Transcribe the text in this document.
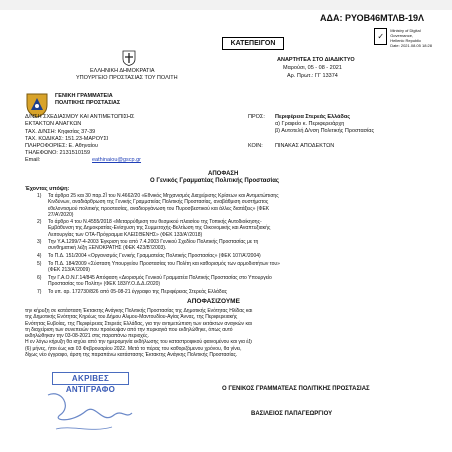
ΑΔΑ: ΡΥΟΒ46ΜΤΛΒ-19Λ
✓
Ministry of Digital
Governance,
Hellenic Republic
Date: 2021.08.05 18:28
ΚΑΤΕΠΕΙΓΟΝ
ΕΛΛΗΝΙΚΗ ΔΗΜΟΚΡΑΤΙΑ
ΥΠΟΥΡΓΕΙΟ ΠΡΟΣΤΑΣΙΑΣ ΤΟΥ ΠΟΛΙΤΗ
ΓΕΝΙΚΗ ΓΡΑΜΜΑΤΕΙΑ
ΠΟΛΙΤΙΚΗΣ ΠΡΟΣΤΑΣΙΑΣ
Δ/ΝΣΗ ΣΧΕΔΙΑΣΜΟΥ ΚΑΙ ΑΝΤΙΜΕΤΩΠΙΣΗΣ
ΕΚΤΑΚΤΩΝ ΑΝΑΓΚΩΝ
ΤΑΧ. Δ/ΝΣΗ: Κηφισίας 37-39
ΤΑΧ. ΚΩΔΙΚΑΣ: 151.23-ΜΑΡΟΥΣΙ
ΠΛΗΡΟΦΟΡΙΕΣ: Ε. Αθηναίου
ΤΗΛΕΦΩΝΟ: 2131510159
Email:	eathinaiou@gscp.gr
ΑΝΑΡΤΗΤΕΑ ΣΤΟ ΔΙΑΔΙΚΤΥΟ
Μαρούσι, 05 - 08 - 2021
Αρ. Πρωτ.: ΓΓ 13374
ΠΡΟΣ: Περιφέρεια Στερεάς Ελλάδας
α) Γραφείο κ. Περιφερειάρχη
β) Αυτοτελή Δ/νση Πολιτικής Προστασίας
ΚΟΙΝ: ΠΙΝΑΚΑΣ ΑΠΟΔΕΚΤΩΝ
ΑΠΟΦΑΣΗ
Ο Γενικός Γραμματέας Πολιτικής Προστασίας
Έχοντας υπόψη:
1) Τα άρθρα 25 και 30 παρ.2Ϊ του Ν.4662/20 «Εθνικός Μηχανισμός Διαχείρισης Κρίσεων και Αντιμετώπισης
Κινδύνων, αναδιάρθρωση της Γενικής Γραμματείας Πολιτικής Προστασίας, αναβάθμιση συστήματος
εθελοντισμού πολιτικής προστασίας, αναδιοργάνωση του Πυροσβεστικού και άλλες διατάξεις» (ΦΕΚ
27/Α'/2020)
2) Το άρθρο 4 του Ν.4555/2018 «Μεταρρύθμιση του θεσμικού πλαισίου της Τοπικής Αυτοδιοίκησης-
Εμβάθυνση της Δημοκρατίας-Ενίσχυση της Συμμετοχής-Βελτίωση της Οικονομικής και Αναπτυξιακής
Λειτουργίας των ΟΤΑ-Πρόγραμμα ΚΛΕΙΣΘΕΝΗΣ» (ΦΕΚ 133/Α'/2018)
3) Την Υ.Α.1299/7-4-2003 Έγκριση του από 7.4.2003 Γενικού Σχεδίου Πολιτικής Προστασίας με τη
συνθηματική λέξη ΞΕΝΟΚΡΑΤΗΣ (ΦΕΚ 423/Β'/2003).
4) Το Π.Δ. 151/2004 «Οργανισμός Γενικής Γραμματείας Πολιτικής Προστασίας» (ΦΕΚ 107/Α'/2004)
5) Το Π.Δ. 184/2009 «Σύσταση Υπουργείου Προστασίας του Πολίτη και καθορισμός των αρμοδιοτήτων του»
(ΦΕΚ 213/Α'/2009)
6) Την Γ.Α.Ο.Ν.Γ.14/845 Απόφαση «Διορισμός Γενικού Γραμματέα Πολιτικής Προστασίας στο Υπουργείο
Προστασίας του Πολίτη» (ΦΕΚ 183/Υ.Ο.Δ.Δ./2020)
7) Το υπ. αρ. 172730/826 από 05-08-21 έγγραφο της Περιφέρειας Στερεάς Ελλάδας
ΑΠΟΦΑΣΙΖΟΥΜΕ
την κήρυξη σε κατάσταση Έκτακτης Ανάγκης Πολιτικής Προστασίας της Δημοτικής Ενότητας Ηλίδας και
της Δημοτικής Ενότητας Κηρέως του Δήμου Αλιμου-Μαντουδίου-Αγίας Άννας, της Περιφερειακής
Ενότητας Ευβοίας, της Περιφέρειας Στερεάς Ελλάδας, για την αντιμετώπιση των εκτάκτων αναγκών και
τη διαχείριση των συνεπειών που προέκυψαν από την πυρκαγιά που εκδηλώθηκε, όπως αυτό
εκδηλώθηκαν την 03-08-2021 στις παραπάνω περιοχές.
Η εν λόγω κήρυξη θα ισχύει από την ημερομηνία εκδήλωσης του καταστροφικού φαινομένου και για έξι
(6) μήνες, ήτοι έως και 03 Φεβρουαρίου 2022. Μετά το πέρας του καθοριζόμενου χρόνου, θα γίνει,
δίχως νέο έγγραφο, άρση της παραπάνω κατάστασης Έκτακτης Ανάγκης Πολιτικής Προστασίας.
ΑΚΡΙΒΕΣ ΑΝΤΙΓΡΑΦΟ	Ο ΓΕΝΙΚΟΣ ΓΡΑΜΜΑΤΕΑΣ ΠΟΛΙΤΙΚΗΣ ΠΡΟΣΤΑΣΙΑΣ
ΒΑΣΙΛΕΙΟΣ ΠΑΠΑΓΕΩΡΓΙΟΥ
